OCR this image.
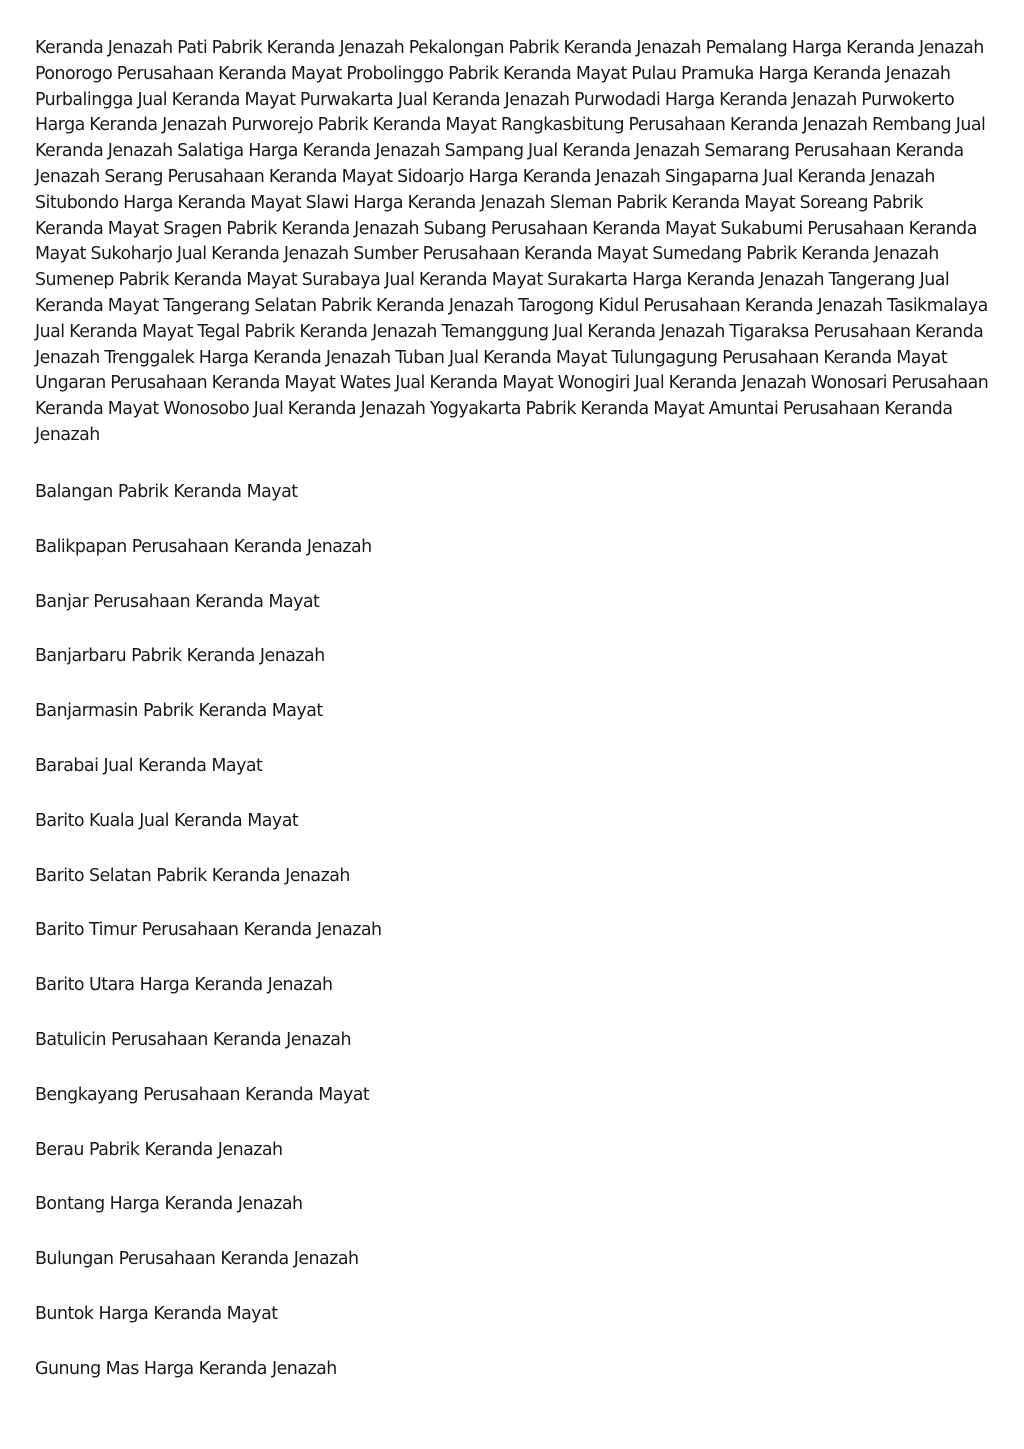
Keranda Jenazah Pati Pabrik Keranda Jenazah Pekalongan Pabrik Keranda Jenazah Pemalang Harga Keranda Jenazah Ponorogo Perusahaan Keranda Mayat Probolinggo Pabrik Keranda Mayat Pulau Pramuka Harga Keranda Jenazah Purbalingga Jual Keranda Mayat Purwakarta Jual Keranda Jenazah Purwodadi Harga Keranda Jenazah Purwokerto Harga Keranda Jenazah Purworejo Pabrik Keranda Mayat Rangkasbitung Perusahaan Keranda Jenazah Rembang Jual Keranda Jenazah Salatiga Harga Keranda Jenazah Sampang Jual Keranda Jenazah Semarang Perusahaan Keranda Jenazah Serang Perusahaan Keranda Mayat Sidoarjo Harga Keranda Jenazah Singaparna Jual Keranda Jenazah Situbondo Harga Keranda Mayat Slawi Harga Keranda Jenazah Sleman Pabrik Keranda Mayat Soreang Pabrik Keranda Mayat Sragen Pabrik Keranda Jenazah Subang Perusahaan Keranda Mayat Sukabumi Perusahaan Keranda Mayat Sukoharjo Jual Keranda Jenazah Sumber Perusahaan Keranda Mayat Sumedang Pabrik Keranda Jenazah Sumenep Pabrik Keranda Mayat Surabaya Jual Keranda Mayat Surakarta Harga Keranda Jenazah Tangerang Jual Keranda Mayat Tangerang Selatan Pabrik Keranda Jenazah Tarogong Kidul Perusahaan Keranda Jenazah Tasikmalaya Jual Keranda Mayat Tegal Pabrik Keranda Jenazah Temanggung Jual Keranda Jenazah Tigaraksa Perusahaan Keranda Jenazah Trenggalek Harga Keranda Jenazah Tuban Jual Keranda Mayat Tulungagung Perusahaan Keranda Mayat Ungaran Perusahaan Keranda Mayat Wates Jual Keranda Mayat Wonogiri Jual Keranda Jenazah Wonosari Perusahaan Keranda Mayat Wonosobo Jual Keranda Jenazah Yogyakarta Pabrik Keranda Mayat Amuntai Perusahaan Keranda Jenazah

Balangan Pabrik Keranda Mayat
Balikpapan Perusahaan Keranda Jenazah
Banjar Perusahaan Keranda Mayat
Banjarbaru Pabrik Keranda Jenazah
Banjarmasin Pabrik Keranda Mayat
Barabai Jual Keranda Mayat
Barito Kuala Jual Keranda Mayat
Barito Selatan Pabrik Keranda Jenazah
Barito Timur Perusahaan Keranda Jenazah
Barito Utara Harga Keranda Jenazah
Batulicin Perusahaan Keranda Jenazah
Bengkayang Perusahaan Keranda Mayat
Berau Pabrik Keranda Jenazah
Bontang Harga Keranda Jenazah
Bulungan Perusahaan Keranda Jenazah
Buntok Harga Keranda Mayat
Gunung Mas Harga Keranda Jenazah
